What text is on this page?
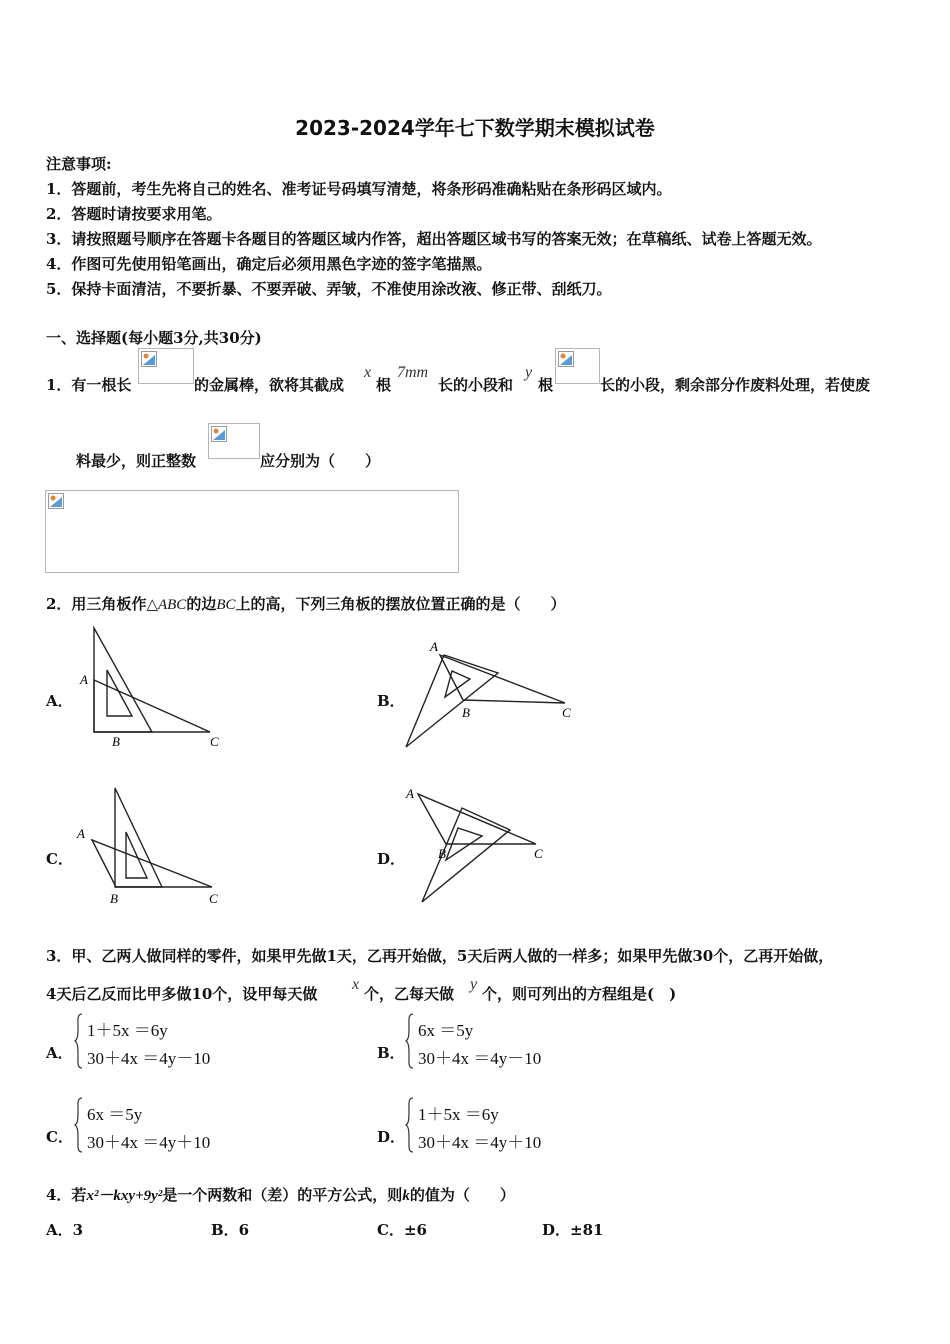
2023-2024学年七下数学期末模拟试卷
注意事项:
1．答题前，考生先将自己的姓名、准考证号码填写清楚，将条形码准确粘贴在条形码区域内。
2．答题时请按要求用笔。
3．请按照题号顺序在答题卡各题目的答题区域内作答，超出答题区域书写的答案无效；在草稿纸、试卷上答题无效。
4．作图可先使用铅笔画出，确定后必须用黑色字迹的签字笔描黑。
5．保持卡面清洁，不要折暴、不要弄破、弄皱，不准使用涂改液、修正带、刮纸刀。
一、选择题(每小题3分,共30分)
1．有一根长	的金属棒，欲将其截成
x
根
7mm
长的小段和
y
根	长的小段，剩余部分作废料处理，若使废
料最少，则正整数	应分别为（　　）
2．用三角板作△ABC的边BC上的高，下列三角板的摆放位置正确的是（　　）
A．
A
B	C
B．
A
B	C
C．
A
B	C
D．
A
B	C
3．甲、乙两人做同样的零件，如果甲先做1天，乙再开始做，5天后两人做的一样多；如果甲先做30个，乙再开始做，
4天后乙反而比甲多做10个，设甲每天做
x
个，乙每天做
y
个，则可列出的方程组是(　)
A．
1＋5x ＝6y
30＋4x ＝4y－10	B．
6x ＝5y
30＋4x ＝4y－10
C．
6x ＝5y
30＋4x ＝4y＋10	D．
1＋5x ＝6y
30＋4x ＝4y＋10
4．若x²－kxy+9y²是一个两数和（差）的平方公式，则k的值为（　　）
A．3	B．6	C．±6	D．±81
